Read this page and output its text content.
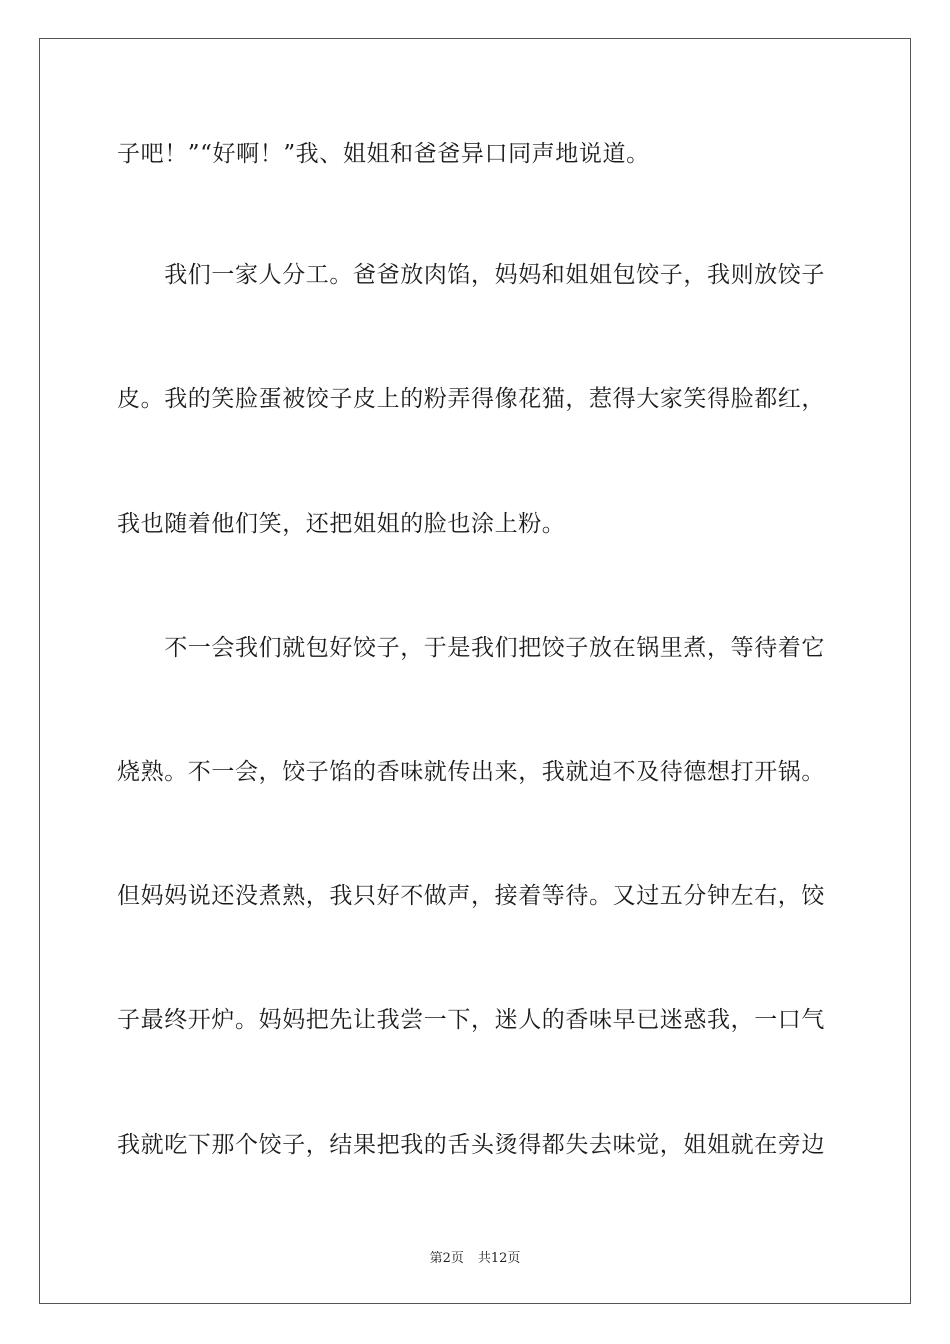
子吧！”“好啊！”我、姐姐和爸爸异口同声地说道。
　　我们一家人分工。爸爸放肉馅，妈妈和姐姐包饺子，我则放饺子
皮。我的笑脸蛋被饺子皮上的粉弄得像花猫，惹得大家笑得脸都红，
我也随着他们笑，还把姐姐的脸也涂上粉。
　　不一会我们就包好饺子，于是我们把饺子放在锅里煮，等待着它
烧熟。不一会，饺子馅的香味就传出来，我就迫不及待德想打开锅。
但妈妈说还没煮熟，我只好不做声，接着等待。又过五分钟左右，饺
子最终开炉。妈妈把先让我尝一下，迷人的香味早已迷惑我，一口气
我就吃下那个饺子，结果把我的舌头烫得都失去味觉，姐姐就在旁边
第2页 共12页
